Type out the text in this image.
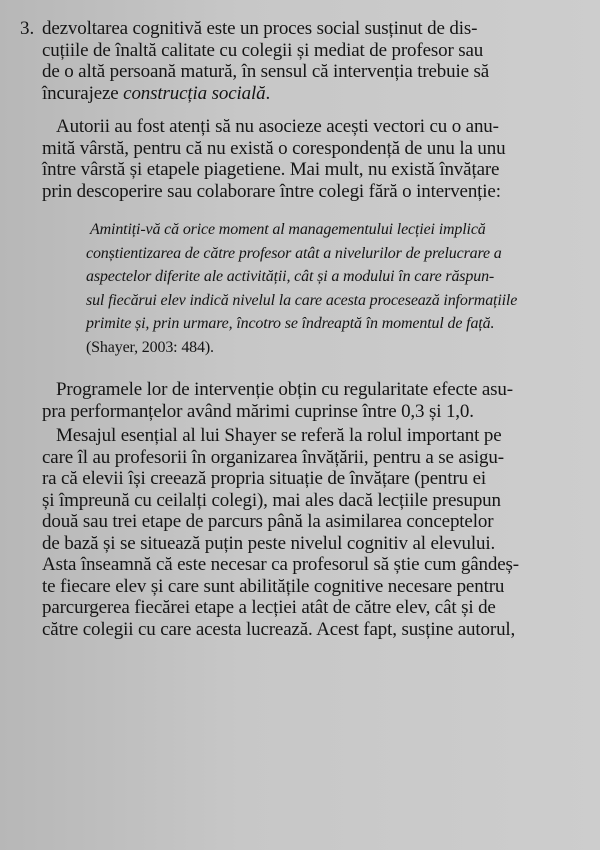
3. dezvoltarea cognitivă este un proces social susținut de dis-
cuțiile de înaltă calitate cu colegii și mediat de profesor sau
de o altă persoană matură, în sensul că intervenția trebuie să
încurajeze construcția socială.
Autorii au fost atenți să nu asocieze acești vectori cu o anu-
mită vârstă, pentru că nu există o corespondență de unu la unu
între vârstă și etapele piagetiene. Mai mult, nu există învățare
prin descoperire sau colaborare între colegi fără o intervenție:
Amintiți-vă că orice moment al managementului lecției implică
conștientizarea de către profesor atât a nivelurilor de prelucrare a
aspectelor diferite ale activității, cât și a modului în care răspun-
sul fiecărui elev indică nivelul la care acesta procesează informațiile
primite și, prin urmare, încotro se îndreaptă în momentul de față.
(Shayer, 2003: 484).
Programele lor de intervenție obțin cu regularitate efecte asu-
pra performanțelor având mărimi cuprinse între 0,3 și 1,0.
Mesajul esențial al lui Shayer se referă la rolul important pe
care îl au profesorii în organizarea învățării, pentru a se asigu-
ra că elevii își creează propria situație de învățare (pentru ei
și împreună cu ceilalți colegi), mai ales dacă lecțiile presupun
două sau trei etape de parcurs până la asimilarea conceptelor
de bază și se situează puțin peste nivelul cognitiv al elevului.
Asta înseamnă că este necesar ca profesorul să știe cum gândeș-
te fiecare elev și care sunt abilitățile cognitive necesare pentru
parcurgerea fiecărei etape a lecției atât de către elev, cât și de
către colegii cu care acesta lucrează. Acest fapt, susține autorul,
